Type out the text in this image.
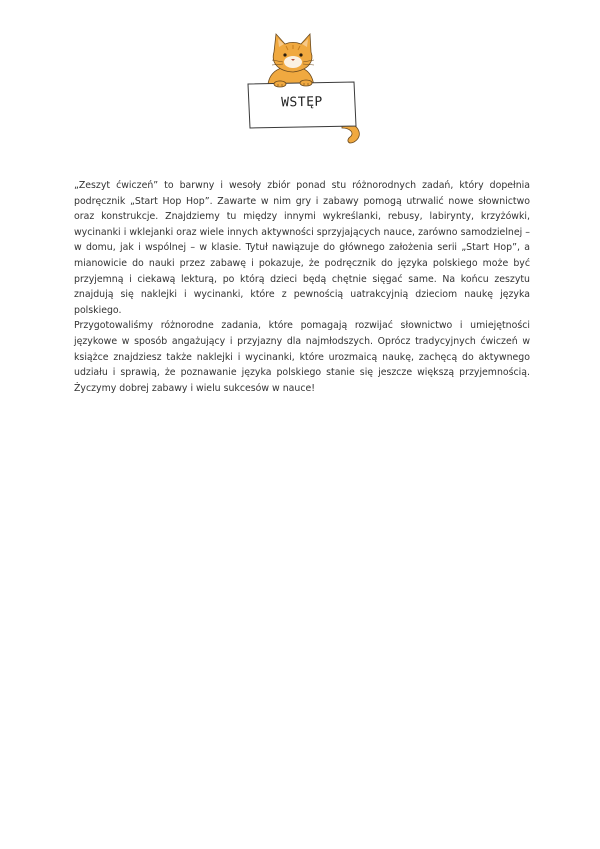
WSTĘP

„Zeszyt ćwiczeń” to barwny i wesoły zbiór ponad stu różnorodnych zadań, który dopełnia podręcznik „Start Hop Hop”. Zawarte w nim gry i zabawy pomogą utrwalić nowe słownictwo oraz konstrukcje. Znajdziemy tu między innymi wykreślanki, rebusy, labirynty, krzyżówki, wycinanki i wklejanki oraz wiele innych aktywności sprzyjających nauce, zarówno samodzielnej – w domu, jak i wspólnej – w klasie. Tytuł nawiązuje do głównego założenia serii „Start Hop”, a mianowicie do nauki przez zabawę i pokazuje, że podręcznik do języka polskiego może być przyjemną i ciekawą lekturą, po którą dzieci będą chętnie sięgać same. Na końcu zeszytu znajdują się naklejki i wycinanki, które z pewnością uatrakcyjnią dzieciom naukę języka polskiego.

Przygotowaliśmy różnorodne zadania, które pomagają rozwijać słownictwo i umiejętności językowe w sposób angażujący i przyjazny dla najmłodszych. Oprócz tradycyjnych ćwiczeń w książce znajdziesz także naklejki i wycinanki, które urozmaicą naukę, zachęcą do aktywnego udziału i sprawią, że poznawanie języka polskiego stanie się jeszcze większą przyjemnością. Życzymy dobrej zabawy i wielu sukcesów w nauce!
